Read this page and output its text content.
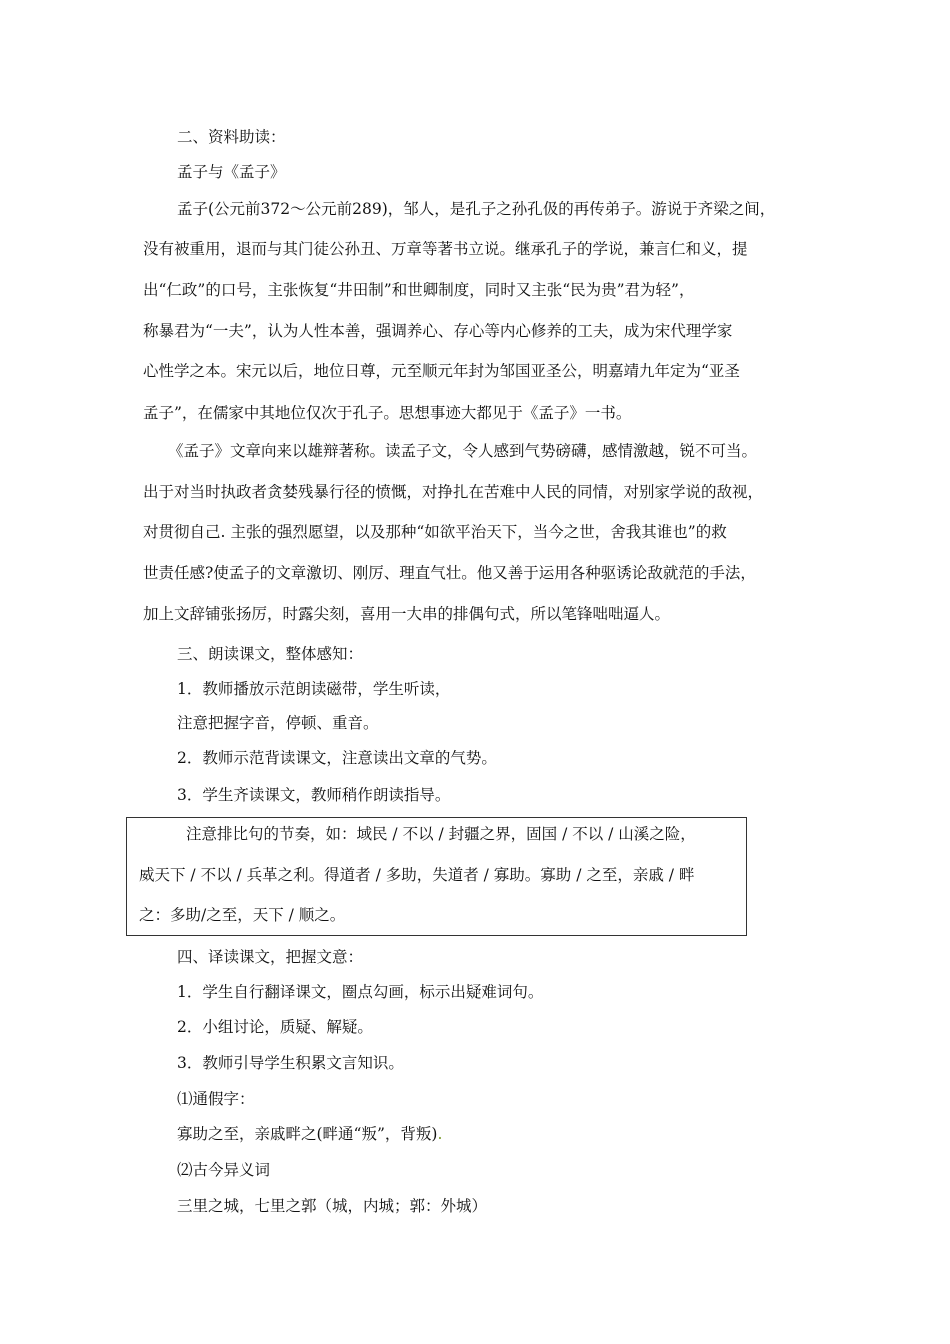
二、资料助读：
孟子与《孟子》
孟子(公元前372～公元前289)，邹人，是孔子之孙孔伋的再传弟子。游说于齐梁之间，
没有被重用，退而与其门徒公孙丑、万章等著书立说。继承孔子的学说，兼言仁和义，提
出“仁政”的口号，主张恢复“井田制”和世卿制度，同时又主张“民为贵”君为轻”，
称暴君为“一夫”，认为人性本善，强调养心、存心等内心修养的工夫，成为宋代理学家
心性学之本。宋元以后，地位日尊，元至顺元年封为邹国亚圣公，明嘉靖九年定为“亚圣
孟子”，在儒家中其地位仅次于孔子。思想事迹大都见于《孟子》一书。
《孟子》文章向来以雄辩著称。读孟子文，令人感到气势磅礴，感情激越，锐不可当。
出于对当时执政者贪婪残暴行径的愤慨，对挣扎在苦难中人民的同情，对别家学说的敌视，
对贯彻自己. 主张的强烈愿望，以及那种“如欲平治天下，当今之世，舍我其谁也”的救
世责任感?使孟子的文章激切、刚厉、理直气壮。他又善于运用各种驱诱论敌就范的手法，
加上文辞铺张扬厉，时露尖刻，喜用一大串的排偶句式，所以笔锋咄咄逼人。
三、朗读课文，整体感知：
1．教师播放示范朗读磁带，学生听读，
注意把握字音，停顿、重音。
2．教师示范背读课文，注意读出文章的气势。
3．学生齐读课文，教师稍作朗读指导。
注意排比句的节奏，如：域民 / 不以 / 封疆之界，固国 / 不以 / 山溪之险，
威天下 / 不以 / 兵革之利。得道者 / 多助，失道者 / 寡助。寡助 / 之至，亲戚 / 畔
之：多助/之至，天下 / 顺之。
四、译读课文，把握文意：
1．学生自行翻译课文，圈点勾画，标示出疑难词句。
2．小组讨论，质疑、解疑。
3．教师引导学生积累文言知识。
⑴通假字：
寡助之至，亲戚畔之(畔通“叛”，背叛).
⑵古今异义词
三里之城，七里之郭（城，内城；郭：外城）
